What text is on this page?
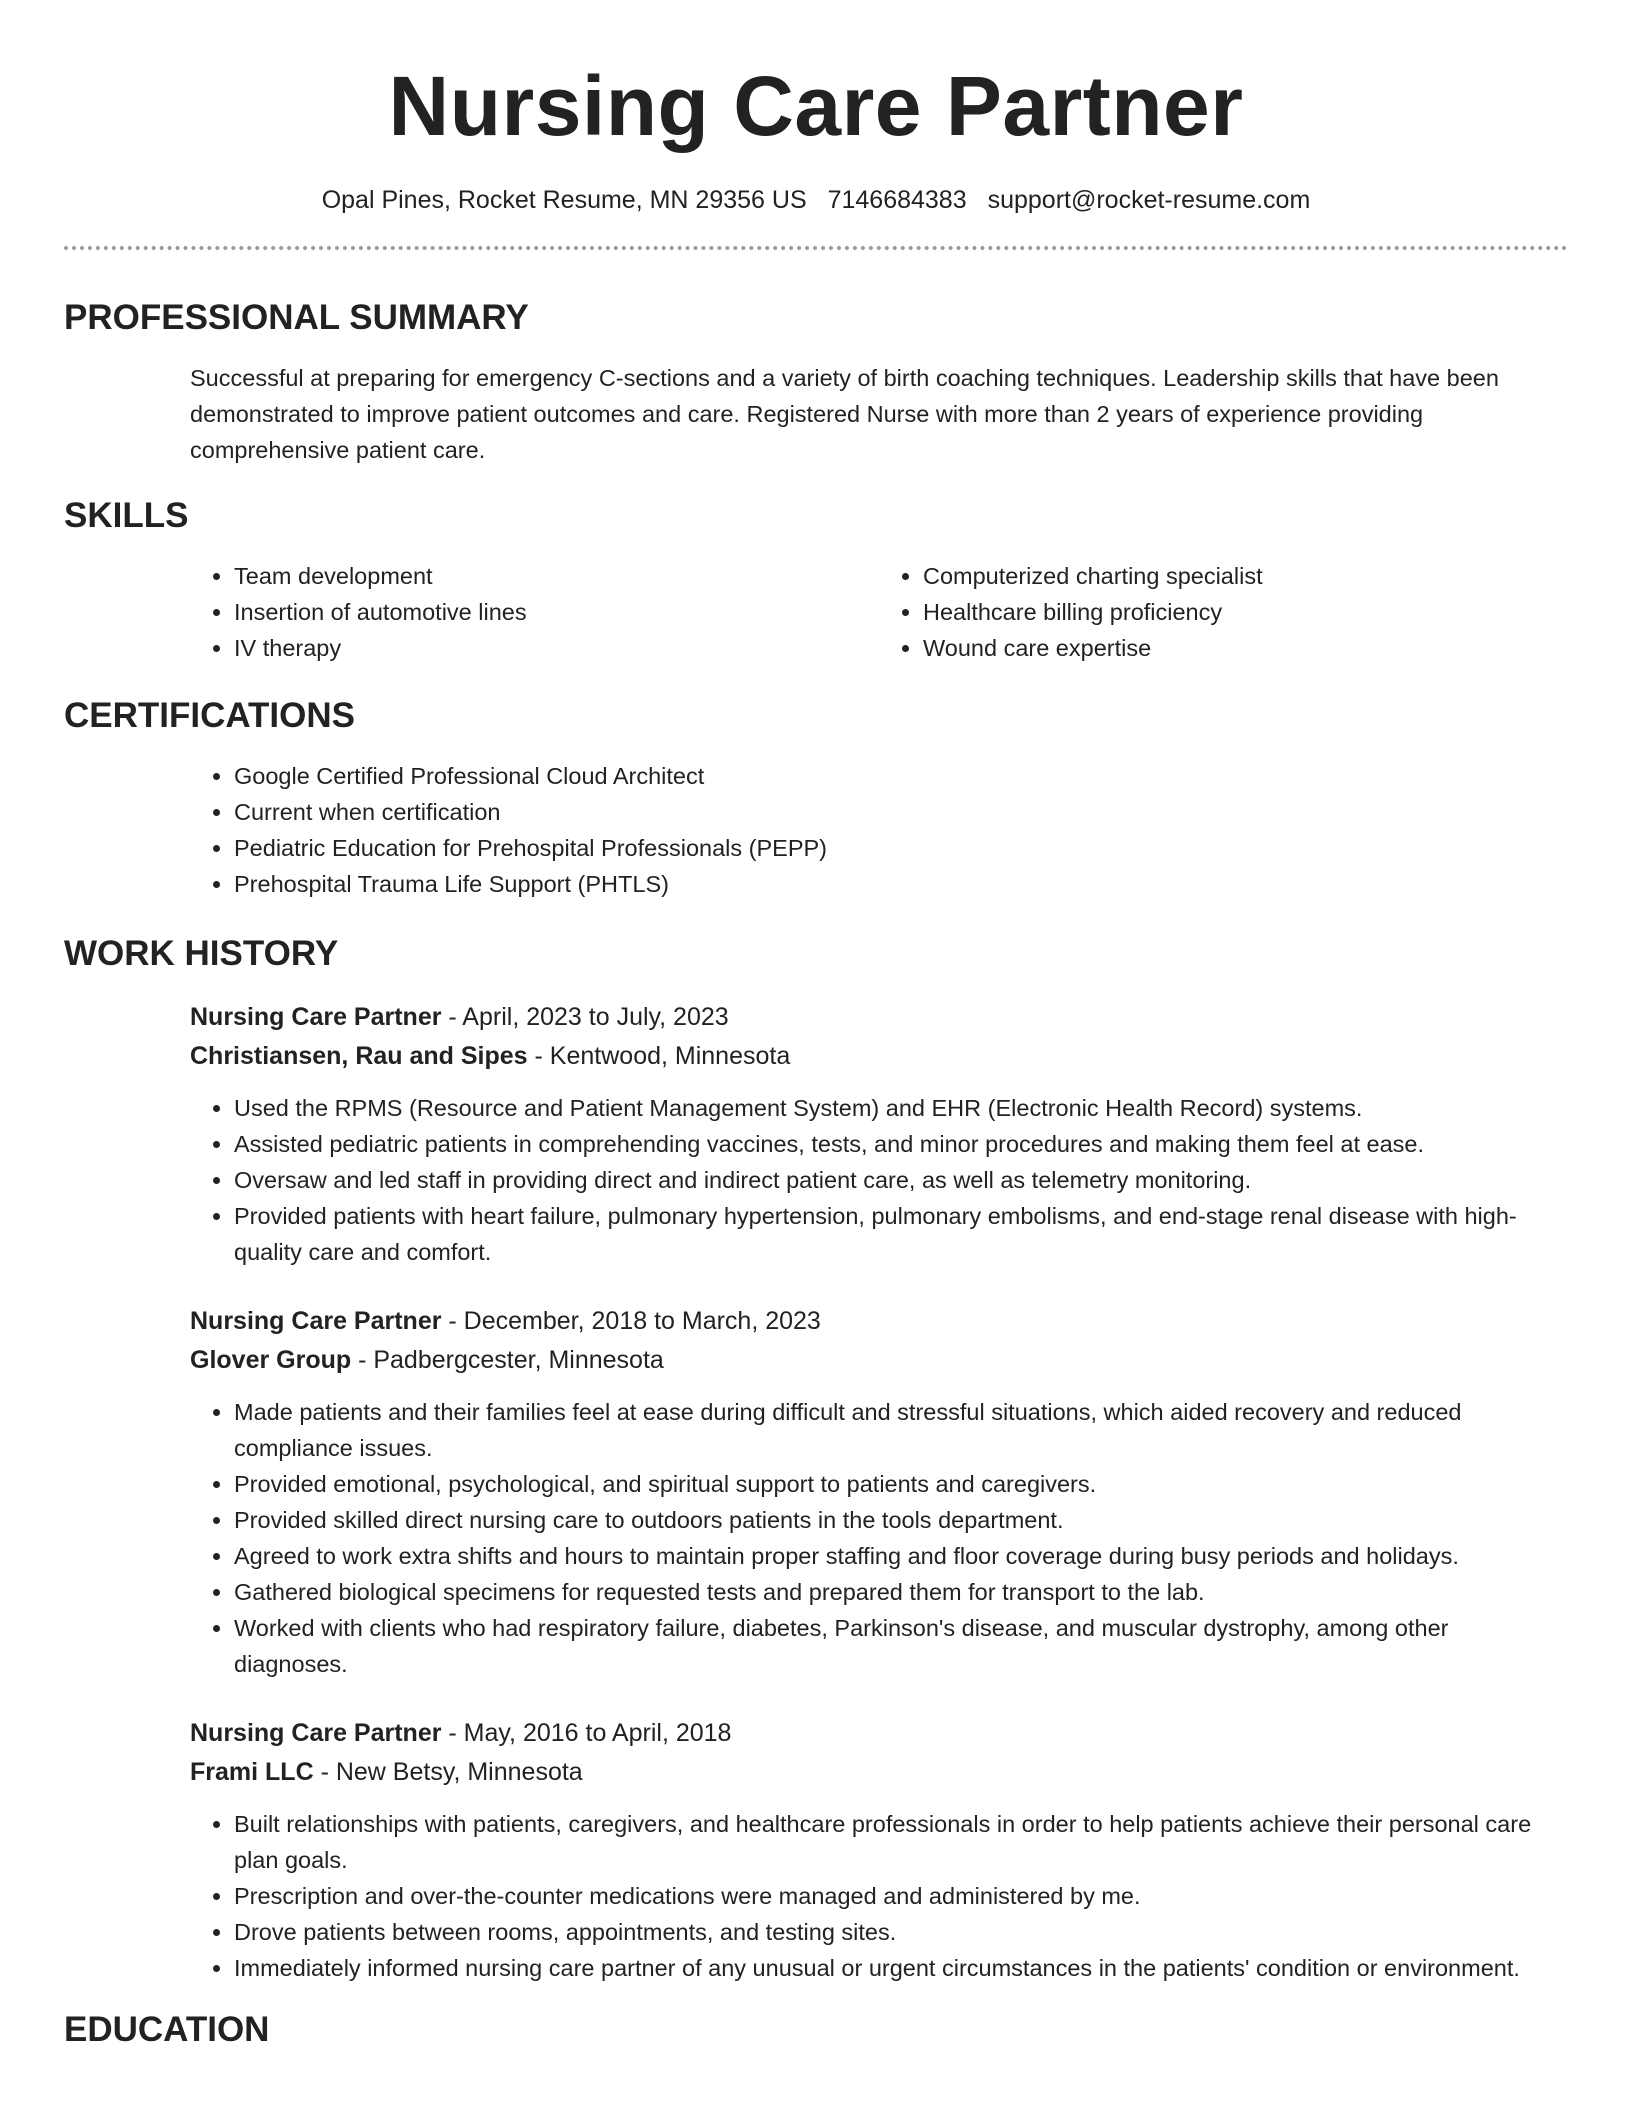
Nursing Care Partner
Opal Pines, Rocket Resume, MN 29356 US 7146684383 support@rocket-resume.com
PROFESSIONAL SUMMARY
Successful at preparing for emergency C-sections and a variety of birth coaching techniques. Leadership skills that have been demonstrated to improve patient outcomes and care. Registered Nurse with more than 2 years of experience providing comprehensive patient care.
SKILLS
• Team development
• Insertion of automotive lines
• IV therapy
• Computerized charting specialist
• Healthcare billing proficiency
• Wound care expertise
CERTIFICATIONS
• Google Certified Professional Cloud Architect
• Current when certification
• Pediatric Education for Prehospital Professionals (PEPP)
• Prehospital Trauma Life Support (PHTLS)
WORK HISTORY
Nursing Care Partner - April, 2023 to July, 2023
Christiansen, Rau and Sipes - Kentwood, Minnesota
• Used the RPMS (Resource and Patient Management System) and EHR (Electronic Health Record) systems.
• Assisted pediatric patients in comprehending vaccines, tests, and minor procedures and making them feel at ease.
• Oversaw and led staff in providing direct and indirect patient care, as well as telemetry monitoring.
• Provided patients with heart failure, pulmonary hypertension, pulmonary embolisms, and end-stage renal disease with high-quality care and comfort.
Nursing Care Partner - December, 2018 to March, 2023
Glover Group - Padbergcester, Minnesota
• Made patients and their families feel at ease during difficult and stressful situations, which aided recovery and reduced compliance issues.
• Provided emotional, psychological, and spiritual support to patients and caregivers.
• Provided skilled direct nursing care to outdoors patients in the tools department.
• Agreed to work extra shifts and hours to maintain proper staffing and floor coverage during busy periods and holidays.
• Gathered biological specimens for requested tests and prepared them for transport to the lab.
• Worked with clients who had respiratory failure, diabetes, Parkinson's disease, and muscular dystrophy, among other diagnoses.
Nursing Care Partner - May, 2016 to April, 2018
Frami LLC - New Betsy, Minnesota
• Built relationships with patients, caregivers, and healthcare professionals in order to help patients achieve their personal care plan goals.
• Prescription and over-the-counter medications were managed and administered by me.
• Drove patients between rooms, appointments, and testing sites.
• Immediately informed nursing care partner of any unusual or urgent circumstances in the patients' condition or environment.
EDUCATION
